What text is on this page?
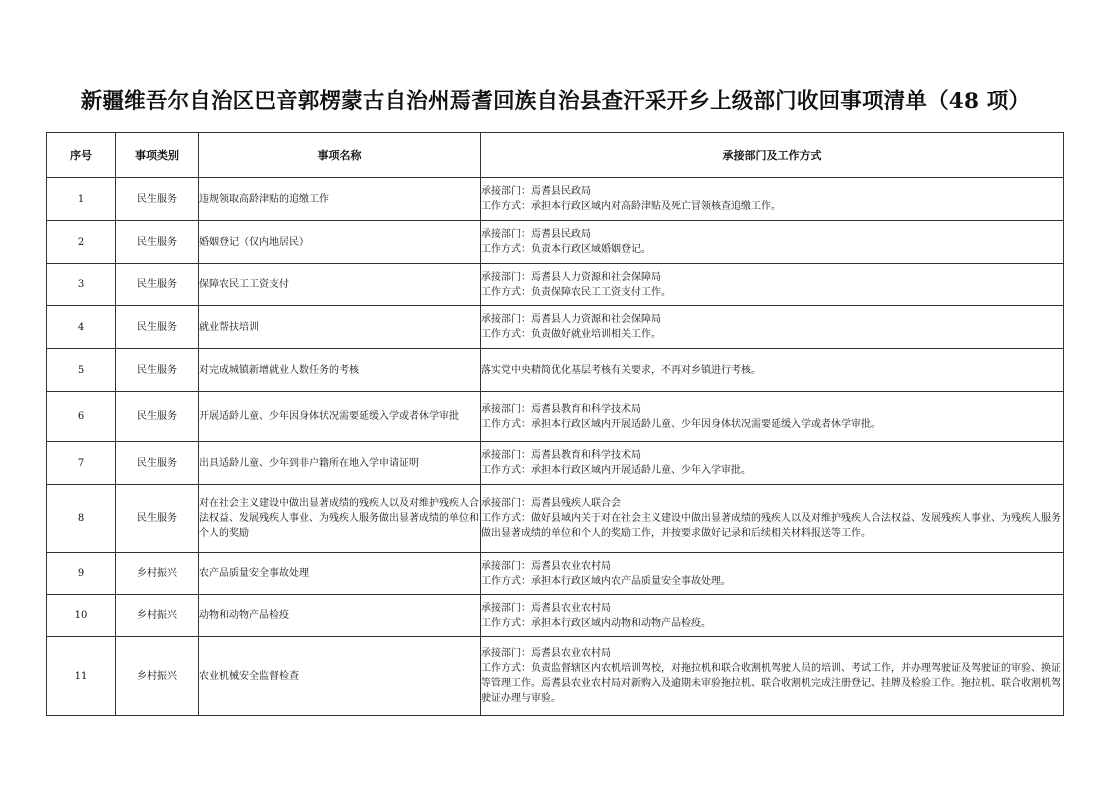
新疆维吾尔自治区巴音郭楞蒙古自治州焉耆回族自治县查汗采开乡上级部门收回事项清单（48 项）
序号	事项类别	事项名称	承接部门及工作方式
1	民生服务	违规领取高龄津贴的追缴工作	承接部门：焉耆县民政局
工作方式：承担本行政区域内对高龄津贴及死亡冒领核查追缴工作。

2	民生服务	婚姻登记（仅内地居民）	承接部门：焉耆县民政局
工作方式：负责本行政区域婚姻登记。

3	民生服务	保障农民工工资支付	承接部门：焉耆县人力资源和社会保障局
工作方式：负责保障农民工工资支付工作。

4	民生服务	就业帮扶培训	承接部门：焉耆县人力资源和社会保障局
工作方式：负责做好就业培训相关工作。

5	民生服务	对完成城镇新增就业人数任务的考核	落实党中央精简优化基层考核有关要求，不再对乡镇进行考核。

6	民生服务	开展适龄儿童、少年因身体状况需要延缓入学或者休学审批	承接部门：焉耆县教育和科学技术局
工作方式：承担本行政区域内开展适龄儿童、少年因身体状况需要延缓入学或者休学审批。

7	民生服务	出具适龄儿童、少年到非户籍所在地入学申请证明	承接部门：焉耆县教育和科学技术局
工作方式：承担本行政区域内开展适龄儿童、少年入学审批。

8	民生服务	对在社会主义建设中做出显著成绩的残疾人以及对维护残疾人合法权益、发展残疾人事业、为残疾人服务做出显著成绩的单位和个人的奖励	承接部门：焉耆县残疾人联合会
工作方式：做好县域内关于对在社会主义建设中做出显著成绩的残疾人以及对维护残疾人合法权益、发展残疾人事业、为残疾人服务做出显著成绩的单位和个人的奖励工作，并按要求做好记录和后续相关材料报送等工作。

9	乡村振兴	农产品质量安全事故处理	承接部门：焉耆县农业农村局
工作方式：承担本行政区域内农产品质量安全事故处理。

10	乡村振兴	动物和动物产品检疫	承接部门：焉耆县农业农村局
工作方式：承担本行政区域内动物和动物产品检疫。

11	乡村振兴	农业机械安全监督检查	承接部门：焉耆县农业农村局
工作方式：负责监督辖区内农机培训驾校，对拖拉机和联合收割机驾驶人员的培训、考试工作，并办理驾驶证及驾驶证的审验、换证等管理工作。焉耆县农业农村局对新购入及逾期未审验拖拉机、联合收割机完成注册登记、挂牌及检验工作。拖拉机、联合收割机驾驶证办理与审验。
